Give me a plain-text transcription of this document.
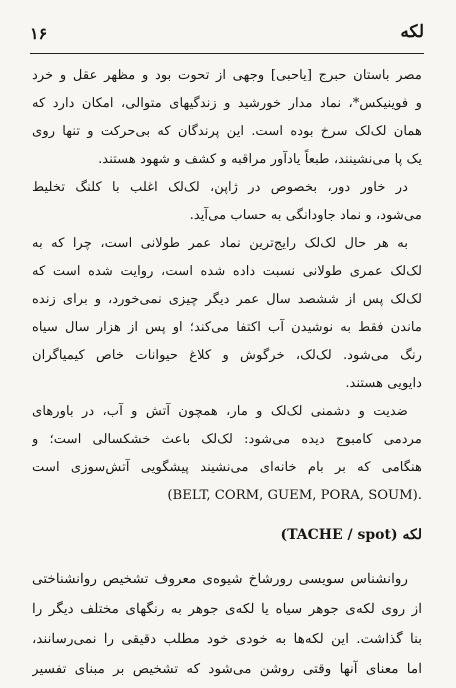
لکه
۱۶
مصر باستان حبرج [یاحبی] وجهی از تحوت بود و مظهر عقل و خرد
و فوینیکس*، نماد مدار خورشید و زندگیهای متوالی، امکان دارد که
همان لک‌لک سرخ بوده است. این پرندگان که بی‌حرکت و تنها روی
یک پا می‌نشینند، طبعاً یادآور مراقبه و کشف و شهود هستند.
در خاور دور، بخصوص در ژاپن، لک‌لک اغلب با کلنگ تخلیط
می‌شود، و نماد جاودانگی به حساب می‌آید.
به هر حال لک‌لک رایج‌ترین نماد عمر طولانی است، چرا که به
لک‌لک عمری طولانی نسبت داده شده است، روایت شده است که
لک‌لک پس از ششصد سال عمر دیگر چیزی نمی‌خورد، و برای زنده
ماندن فقط به نوشیدن آب اکتفا می‌کند؛ او پس از هزار سال سیاه
رنگ می‌شود. لک‌لک، خرگوش و کلاغ حیوانات خاص کیمیاگران
دایویی هستند.
ضدیت و دشمنی لک‌لک و مار، همچون آتش و آب، در باورهای
مردمی کامبوج دیده می‌شود: لک‌لک باعث خشکسالی است؛ و
هنگامی که بر بام خانه‌ای می‌نشیند پیشگویی آتش‌سوزی است
(BELT, CORM, GUEM, PORA, SOUM).
لکه (TACHE / spot)
روانشناس سویسی رورشاخ شیوه‌ی معروف تشخیص روانشناختی
از روی لکه‌ی جوهر سیاه یا لکه‌ی جوهر به رنگهای مختلف دیگر را
بنا گذاشت. این لکه‌ها به خودی خود مطلب دقیقی را نمی‌رسانند،
اما معنای آنها وقتی روشن می‌شود که تشخیص بر مبنای تفسیر
